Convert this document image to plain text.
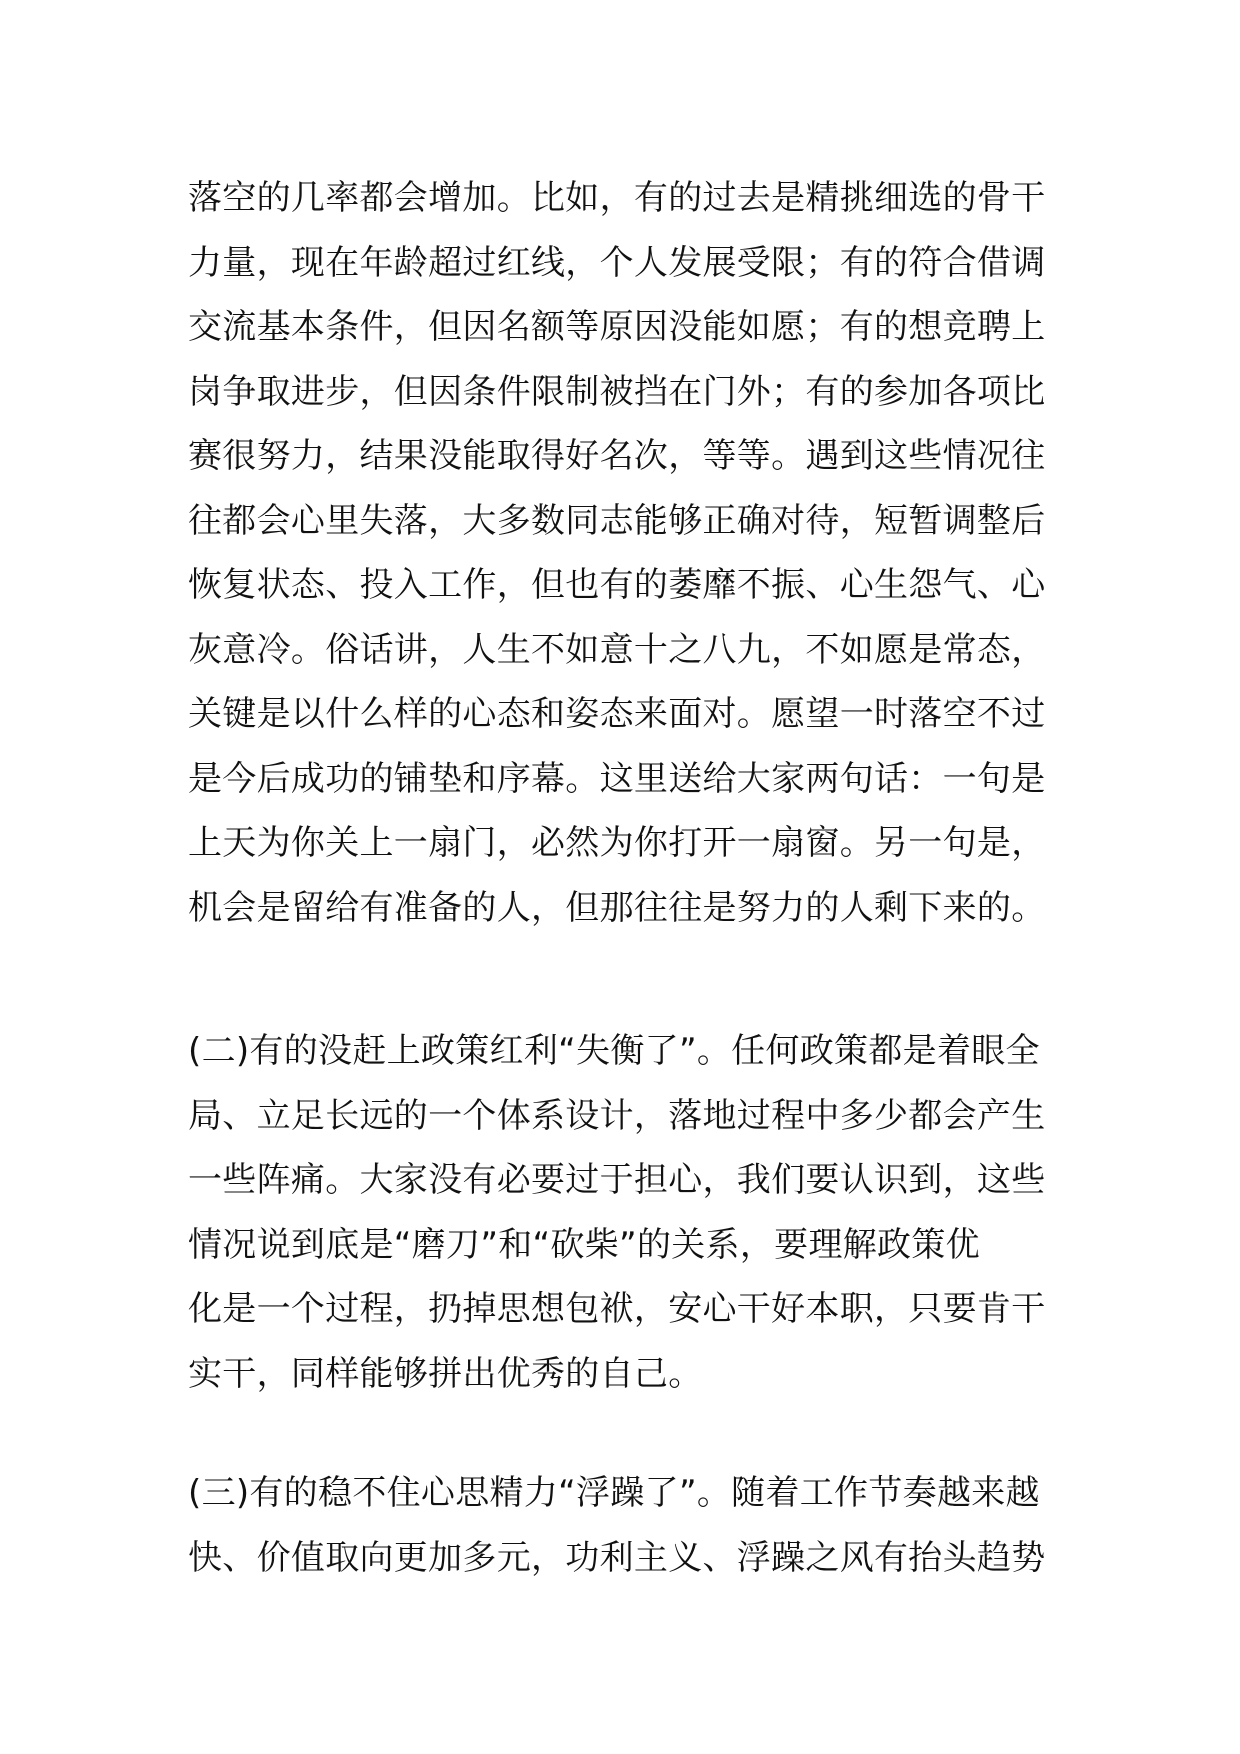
落空的几率都会增加。比如，有的过去是精挑细选的骨干
力量，现在年龄超过红线，个人发展受限；有的符合借调
交流基本条件，但因名额等原因没能如愿；有的想竞聘上
岗争取进步，但因条件限制被挡在门外；有的参加各项比
赛很努力，结果没能取得好名次，等等。遇到这些情况往
往都会心里失落，大多数同志能够正确对待，短暂调整后
恢复状态、投入工作，但也有的萎靡不振、心生怨气、心
灰意冷。俗话讲，人生不如意十之八九，不如愿是常态，
关键是以什么样的心态和姿态来面对。愿望一时落空不过
是今后成功的铺垫和序幕。这里送给大家两句话：一句是
上天为你关上一扇门，必然为你打开一扇窗。另一句是，
机会是留给有准备的人，但那往往是努力的人剩下来的。
(二)有的没赶上政策红利“失衡了”。任何政策都是着眼全
局、立足长远的一个体系设计，落地过程中多少都会产生
一些阵痛。大家没有必要过于担心，我们要认识到，这些
情况说到底是“磨刀”和“砍柴”的关系，要理解政策优
化是一个过程，扔掉思想包袱，安心干好本职，只要肯干
实干，同样能够拼出优秀的自己。
(三)有的稳不住心思精力“浮躁了”。随着工作节奏越来越
快、价值取向更加多元，功利主义、浮躁之风有抬头趋势
